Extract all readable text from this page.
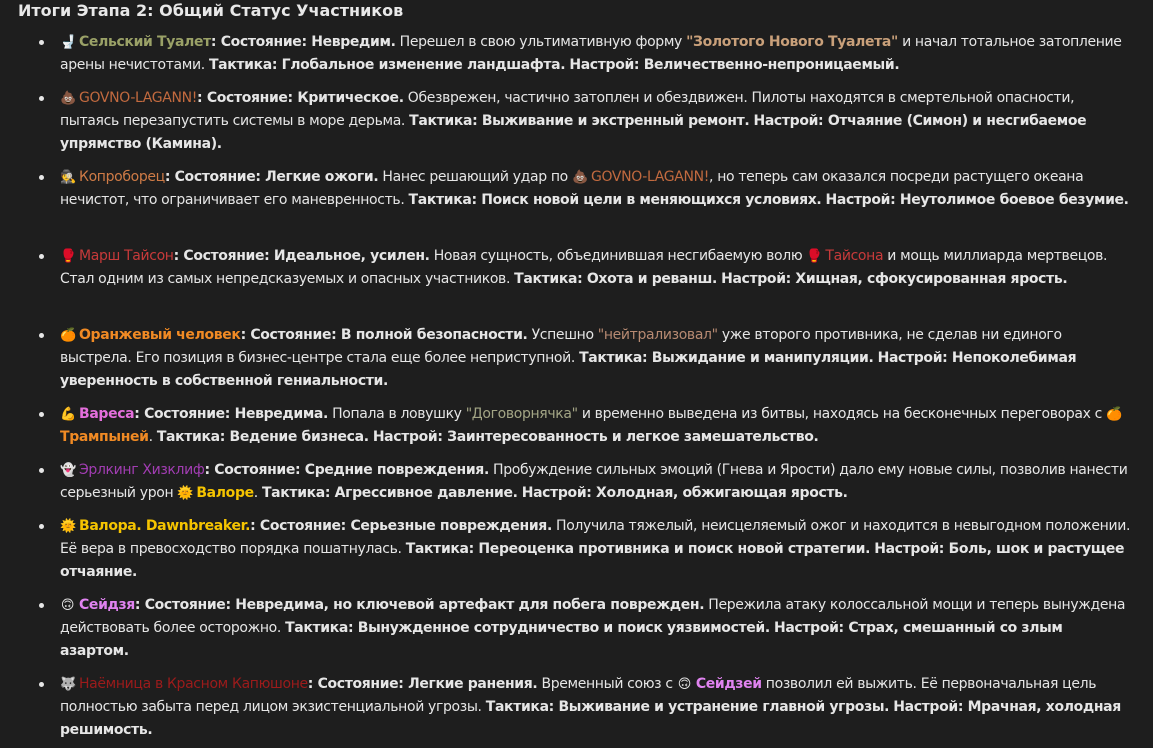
Итоги Этапа 2: Общий Статус Участников
🚽 Сельский Туалет: Состояние: Невредим. Перешел в свою ультимативную форму "Золотого Нового Туалета" и начал тотальное затопление арены нечистотами. Тактика: Глобальное изменение ландшафта. Настрой: Величественно-непроницаемый.
💩 GOVNO-LAGANN!: Состояние: Критическое. Обезврежен, частично затоплен и обездвижен. Пилоты находятся в смертельной опасности, пытаясь перезапустить системы в море дерьма. Тактика: Выживание и экстренный ремонт. Настрой: Отчаяние (Симон) и несгибаемое упрямство (Камина).
🕵 Копроборец: Состояние: Легкие ожоги. Нанес решающий удар по 💩 GOVNO-LAGANN!, но теперь сам оказался посреди растущего океана нечистот, что ограничивает его маневренность. Тактика: Поиск новой цели в меняющихся условиях. Настрой: Неутолимое боевое безумие.
🥊 Марш Тайсон: Состояние: Идеальное, усилен. Новая сущность, объединившая несгибаемую волю 🥊 Тайсона и мощь миллиарда мертвецов. Стал одним из самых непредсказуемых и опасных участников. Тактика: Охота и реванш. Настрой: Хищная, сфокусированная ярость.
🍊 Оранжевый человек: Состояние: В полной безопасности. Успешно "нейтрализовал" уже второго противника, не сделав ни единого выстрела. Его позиция в бизнес-центре стала еще более неприступной. Тактика: Выжидание и манипуляции. Настрой: Непоколебимая уверенность в собственной гениальности.
💪 Вареса: Состояние: Невредима. Попала в ловушку "Договорнячка" и временно выведена из битвы, находясь на бесконечных переговорах с 🍊Трампыней. Тактика: Ведение бизнеса. Настрой: Заинтересованность и легкое замешательство.
👻 Эрлкинг Хизклиф: Состояние: Средние повреждения. Пробуждение сильных эмоций (Гнева и Ярости) дало ему новые силы, позволив нанести серьезный урон 🌞 Валоре. Тактика: Агрессивное давление. Настрой: Холодная, обжигающая ярость.
🌞 Валора. Dawnbreaker.: Состояние: Серьезные повреждения. Получила тяжелый, неисцеляемый ожог и находится в невыгодном положении. Её вера в превосходство порядка пошатнулась. Тактика: Переоценка противника и поиск новой стратегии. Настрой: Боль, шок и растущее отчаяние.
🙃 Сейдзя: Состояние: Невредима, но ключевой артефакт для побега поврежден. Пережила атаку колоссальной мощи и теперь вынуждена действовать более осторожно. Тактика: Вынужденное сотрудничество и поиск уязвимостей. Настрой: Страх, смешанный со злым азартом.
🐺 Наёмница в Красном Капюшоне: Состояние: Легкие ранения. Временный союз с 🙃 Сейдзей позволил ей выжить. Её первоначальная цель полностью забыта перед лицом экзистенциальной угрозы. Тактика: Выживание и устранение главной угрозы. Настрой: Мрачная, холодная решимость.
